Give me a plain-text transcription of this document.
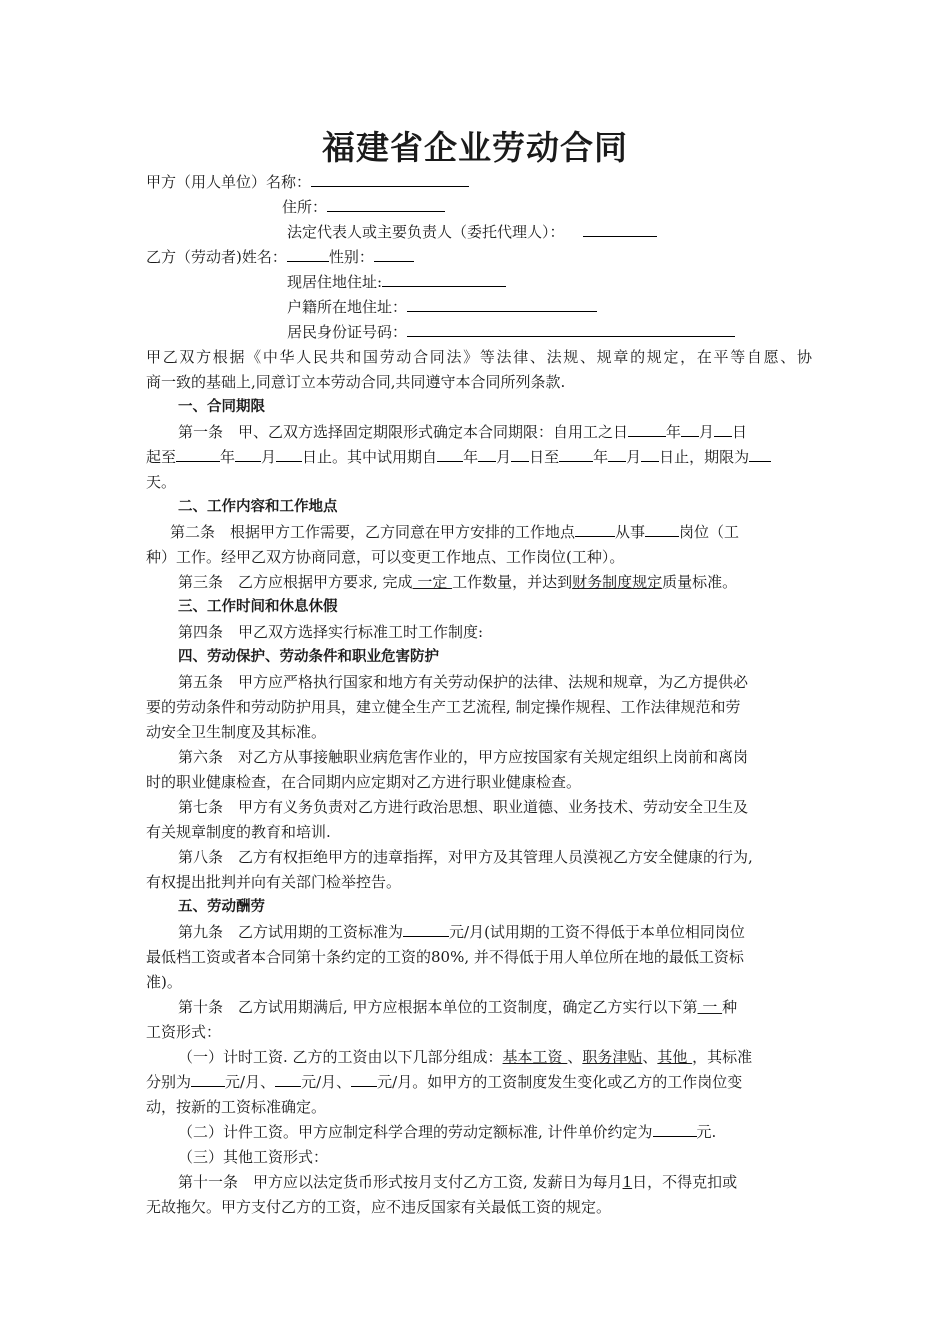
福建省企业劳动合同
甲方（用人单位）名称：
住所：
法定代表人或主要负责人（委托代理人）：
乙方（劳动者)姓名：	性别：
现居住地住址:
户籍所在地住址：
居民身份证号码：
甲乙双方根据《中华人民共和国劳动合同法》等法律、法规、规章的规定，在平等自愿、协
商一致的基础上,同意订立本劳动合同,共同遵守本合同所列条款.
一、合同期限
第一条　甲、乙双方选择固定期限形式确定本合同期限：自用工之日	年 月 日
起至	年 月 日止。其中试用期自 年 月 日至 年 月 日止，期限为
天。
二、工作内容和工作地点
第二条　根据甲方工作需要，乙方同意在甲方安排的工作地点	从事 岗位（工
种）工作。经甲乙双方协商同意，可以变更工作地点、工作岗位(工种）。
第三条　乙方应根据甲方要求, 完成 一定 工作数量，并达到财务制度规定质量标准。
三、工作时间和休息休假
第四条　甲乙双方选择实行标准工时工作制度:
四、劳动保护、劳动条件和职业危害防护
第五条　甲方应严格执行国家和地方有关劳动保护的法律、法规和规章，为乙方提供必
要的劳动条件和劳动防护用具，建立健全生产工艺流程, 制定操作规程、工作法律规范和劳
动安全卫生制度及其标准。
第六条　对乙方从事接触职业病危害作业的，甲方应按国家有关规定组织上岗前和离岗
时的职业健康检查，在合同期内应定期对乙方进行职业健康检查。
第七条　甲方有义务负责对乙方进行政治思想、职业道德、业务技术、劳动安全卫生及
有关规章制度的教育和培训.
第八条　乙方有权拒绝甲方的违章指挥，对甲方及其管理人员漠视乙方安全健康的行为,
有权提出批判并向有关部门检举控告。
五、劳动酬劳
第九条　乙方试用期的工资标准为	元/月(试用期的工资不得低于本单位相同岗位
最低档工资或者本合同第十条约定的工资的80%, 并不得低于用人单位所在地的最低工资标
准)。
第十条　乙方试用期满后, 甲方应根据本单位的工资制度，确定乙方实行以下第 一 种
工资形式：
（一）计时工资. 乙方的工资由以下几部分组成：基本工资 、职务津贴、其他 ，其标准
分别为 元/月、 元/月、 元/月。如甲方的工资制度发生变化或乙方的工作岗位变
动，按新的工资标准确定。
（二）计件工资。甲方应制定科学合理的劳动定额标准, 计件单价约定为	元.
（三）其他工资形式：
第十一条　甲方应以法定货币形式按月支付乙方工资, 发薪日为每月1日，不得克扣或
无故拖欠。甲方支付乙方的工资，应不违反国家有关最低工资的规定。
